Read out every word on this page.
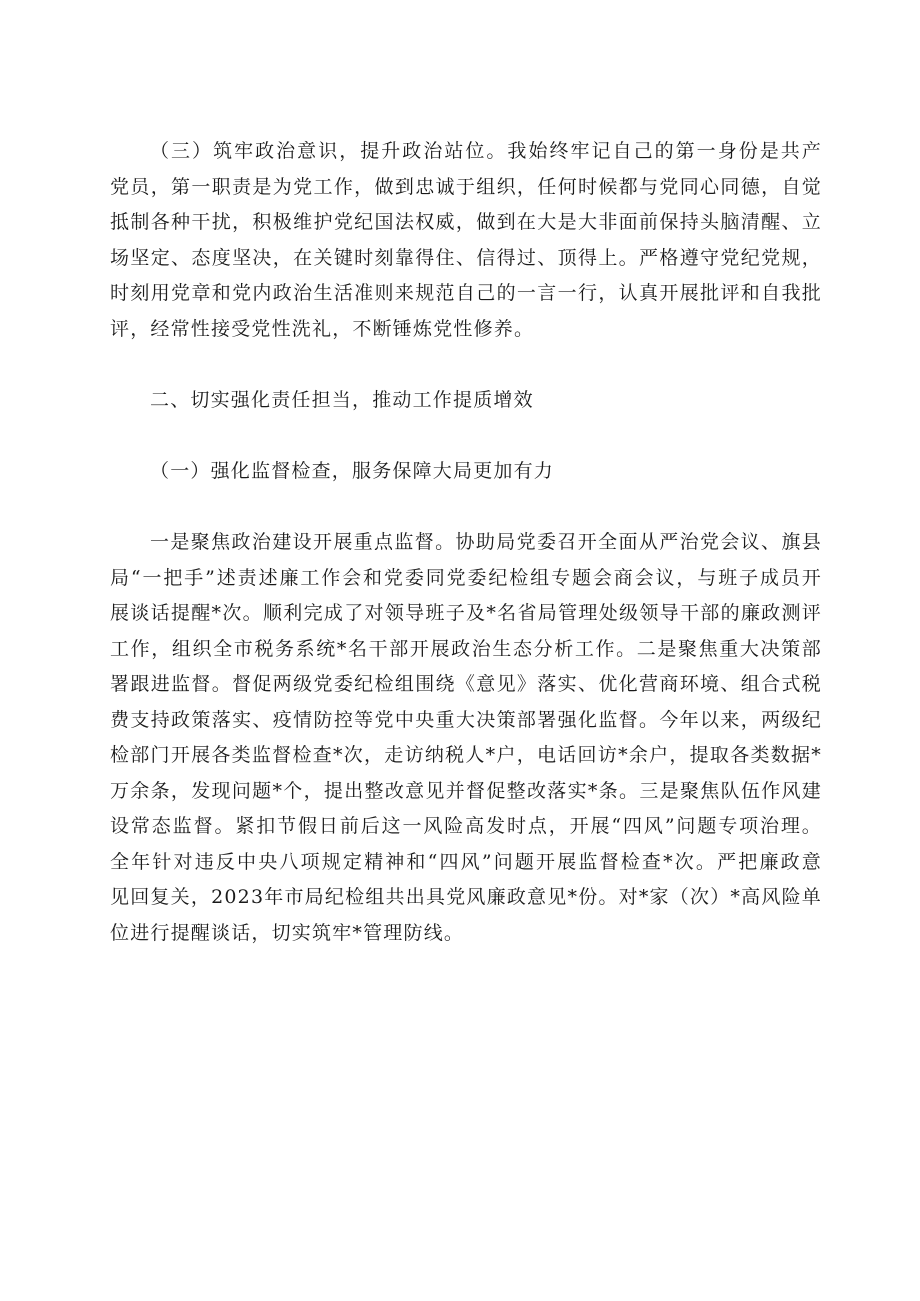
（三）筑牢政治意识，提升政治站位。我始终牢记自己的第一身份是共产
党员，第一职责是为党工作，做到忠诚于组织，任何时候都与党同心同德，自觉
抵制各种干扰，积极维护党纪国法权威，做到在大是大非面前保持头脑清醒、立
场坚定、态度坚决，在关键时刻靠得住、信得过、顶得上。严格遵守党纪党规，
时刻用党章和党内政治生活准则来规范自己的一言一行，认真开展批评和自我批
评，经常性接受党性洗礼，不断锤炼党性修养。

二、切实强化责任担当，推动工作提质增效

（一）强化监督检查，服务保障大局更加有力

一是聚焦政治建设开展重点监督。协助局党委召开全面从严治党会议、旗县
局“一把手”述责述廉工作会和党委同党委纪检组专题会商会议，与班子成员开
展谈话提醒*次。顺利完成了对领导班子及*名省局管理处级领导干部的廉政测评
工作，组织全市税务系统*名干部开展政治生态分析工作。二是聚焦重大决策部
署跟进监督。督促两级党委纪检组围绕《意见》落实、优化营商环境、组合式税
费支持政策落实、疫情防控等党中央重大决策部署强化监督。今年以来，两级纪
检部门开展各类监督检查*次，走访纳税人*户，电话回访*余户，提取各类数据*
万余条，发现问题*个，提出整改意见并督促整改落实*条。三是聚焦队伍作风建
设常态监督。紧扣节假日前后这一风险高发时点，开展“四风”问题专项治理。
全年针对违反中央八项规定精神和“四风”问题开展监督检查*次。严把廉政意
见回复关，2023年市局纪检组共出具党风廉政意见*份。对*家（次）*高风险单
位进行提醒谈话，切实筑牢*管理防线。
